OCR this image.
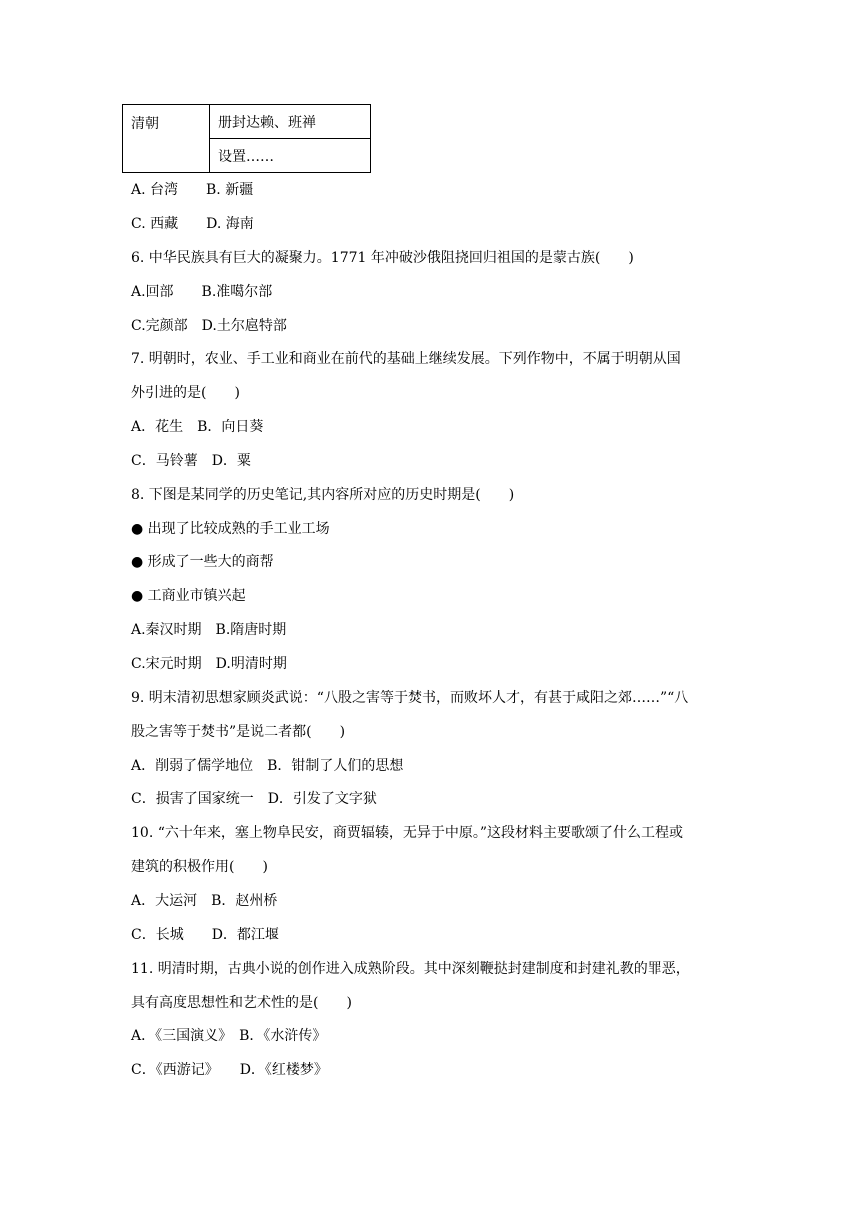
清朝	册封达赖、班禅
设置……
A. 台湾　　B. 新疆
C. 西藏　　D. 海南
6. 中华民族具有巨大的凝聚力。1771 年冲破沙俄阻挠回归祖国的是蒙古族(　　)
A.回部　　B.准噶尔部
C.完颜部　D.土尔扈特部
7. 明朝时，农业、手工业和商业在前代的基础上继续发展。下列作物中，不属于明朝从国
外引进的是(　　)
A．花生　B．向日葵
C．马铃薯　D．粟
8. 下图是某同学的历史笔记,其内容所对应的历史时期是(　　)
● 出现了比较成熟的手工业工场
● 形成了一些大的商帮
● 工商业市镇兴起
A.秦汉时期　B.隋唐时期
C.宋元时期　D.明清时期
9. 明末清初思想家顾炎武说：“八股之害等于焚书，而败坏人才，有甚于咸阳之郊……”“八
股之害等于焚书”是说二者都(　　)
A．削弱了儒学地位　B．钳制了人们的思想
C．损害了国家统一　D．引发了文字狱
10. “六十年来，塞上物阜民安，商贾辐辏，无异于中原。”这段材料主要歌颂了什么工程或
建筑的积极作用(　　)
A．大运河　B．赵州桥
C．长城　　D．都江堰
11. 明清时期，古典小说的创作进入成熟阶段。其中深刻鞭挞封建制度和封建礼教的罪恶，
具有高度思想性和艺术性的是(　　)
A．《三国演义》　B．《水浒传》
C．《西游记》　　D．《红楼梦》
